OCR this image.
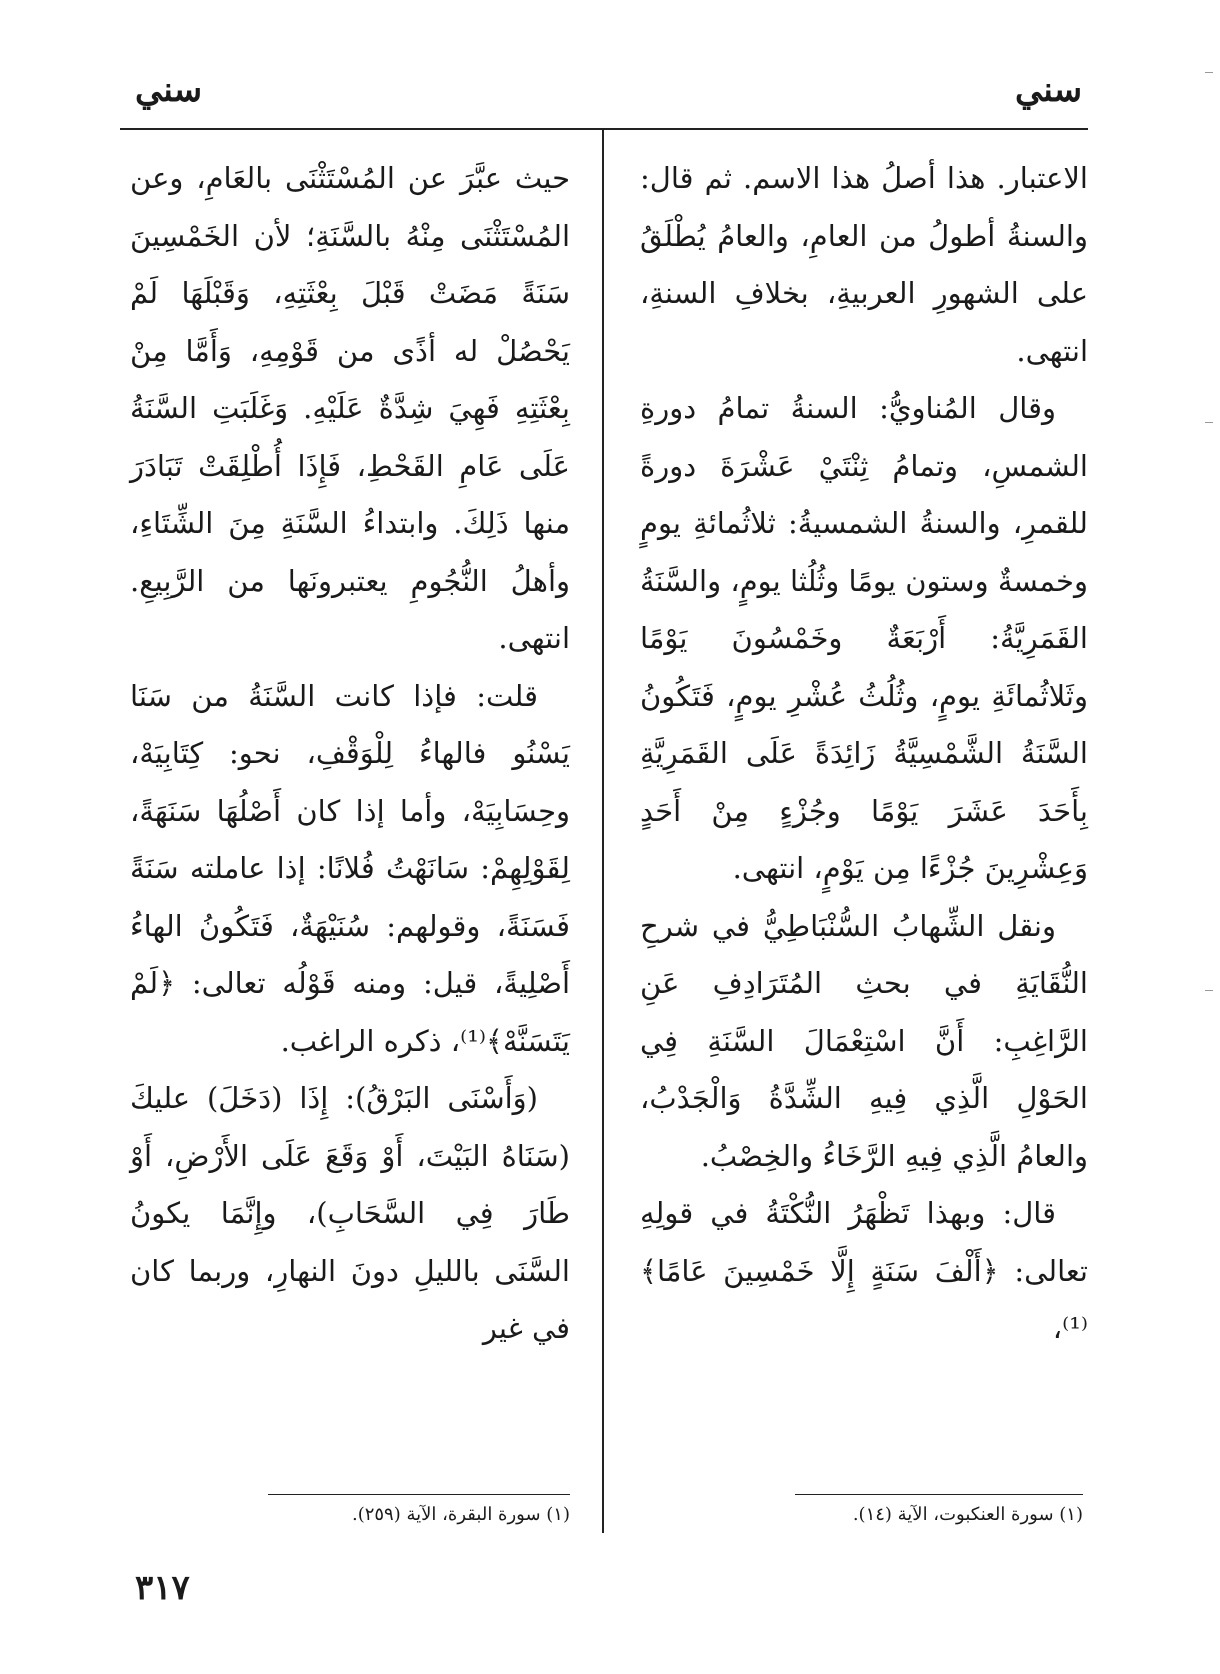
سني
سني

الاعتبار. هذا أصلُ هذا الاسم. ثم قال: والسنةُ أطولُ من العامِ، والعامُ يُطْلَقُ على الشهورِ العربيةِ، بخلافِ السنةِ، انتهى.

وقال المُناويُّ: السنةُ تمامُ دورةِ الشمسِ، وتمامُ ثِنْتَيْ عَشْرَةَ دورةً للقمرِ، والسنةُ الشمسيةُ: ثلاثُمائةِ يومٍ وخمسةٌ وستون يومًا وثُلُثا يومٍ، والسَّنَةُ القَمَرِيَّةُ: أَرْبَعَةٌ وخَمْسُونَ يَوْمًا وثَلاثُمائَةِ يومٍ، وثُلُثُ عُشْرِ يومٍ، فَتَكُونُ السَّنَةُ الشَّمْسِيَّةُ زَائِدَةً عَلَى القَمَرِيَّةِ بِأَحَدَ عَشَرَ يَوْمًا وجُزْءٍ مِنْ أَحَدٍ وَعِشْرِينَ جُزْءًا مِن يَوْمٍ، انتهى.

ونقل الشِّهابُ السُّنْبَاطِيُّ في شرحِ النُّقَايَةِ في بحثِ المُتَرَادِفِ عَنِ الرَّاغِبِ: أَنَّ اسْتِعْمَالَ السَّنَةِ فِي الحَوْلِ الَّذِي فِيهِ الشِّدَّةُ وَالْجَدْبُ، والعامُ الَّذِي فِيهِ الرَّخَاءُ والخِصْبُ.

قال: وبهذا تَظْهَرُ النُّكْتَةُ في قولِهِ تعالى: ﴿أَلْفَ سَنَةٍ إِلَّا خَمْسِينَ عَامًا﴾⁽¹⁾،

حيث عبَّرَ عن المُسْتَثْنَى بالعَامِ، وعن المُسْتَثْنَى مِنْهُ بالسَّنَةِ؛ لأن الخَمْسِينَ سَنَةً مَضَتْ قَبْلَ بِعْثَتِهِ، وَقَبْلَهَا لَمْ يَحْصُلْ له أذًى من قَوْمِهِ، وَأَمَّا مِنْ بِعْثَتِهِ فَهِيَ شِدَّةٌ عَلَيْهِ. وَغَلَبَتِ السَّنَةُ عَلَى عَامِ القَحْطِ، فَإِذَا أُطْلِقَتْ تَبَادَرَ منها ذَلِكَ. وابتداءُ السَّنَةِ مِنَ الشِّتَاءِ، وأهلُ النُّجُومِ يعتبرونَها من الرَّبِيعِ. انتهى.

قلت: فإذا كانت السَّنَةُ من سَنَا يَسْنُو فالهاءُ لِلْوَقْفِ، نحو: كِتَابِيَهْ، وحِسَابِيَهْ، وأما إذا كان أَصْلُهَا سَنَهَةً، لِقَوْلِهِمْ: سَانَهْتُ فُلانًا: إذا عاملته سَنَةً فَسَنَةً، وقولهم: سُنَيْهَةٌ، فَتَكُونُ الهاءُ أَصْلِيةً، قيل: ومنه قَوْلُه تعالى: ﴿لَمْ يَتَسَنَّهْ﴾⁽¹⁾، ذكره الراغب.

(وَأَسْنَى البَرْقُ): إِذَا (دَخَلَ) عليكَ (سَنَاهُ البَيْتَ، أَوْ وَقَعَ عَلَى الأَرْضِ، أَوْ طَارَ فِي السَّحَابِ)، وإِنَّمَا يكونُ السَّنَى بالليلِ دونَ النهارِ، وربما كان في غير

(١) سورة العنكبوت، الآية (١٤).
(١) سورة البقرة، الآية (٢٥٩).
٣١٧
